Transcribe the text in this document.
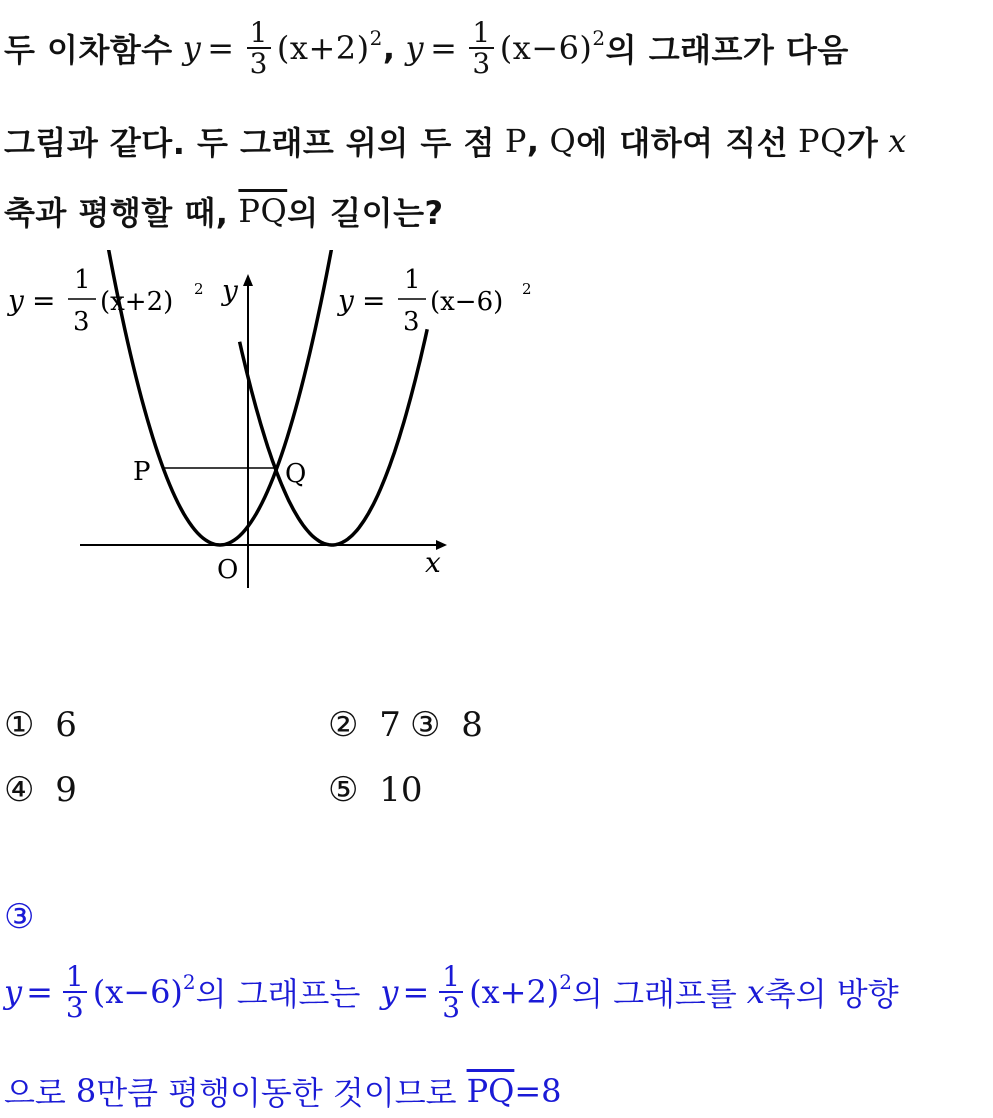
두 이차함수 $y = \frac{1}{3} (x+2)^2$ , $y = \frac{1}{3} (x-6)^2$ 의 그래프가 다음
그림과 같다. 두 그래프 위의 두 점 P , Q 에 대하여 직선 PQ 가 x
축과 평행할 때, $\overline{PQ}$ 의 길이는?
P	Q
O	x
y
y =
1
3
(x+2) 2	y =
1
3
(x−6) 2
① 6	② 7 ③ 8
④ 9	⑤ 10
③
$y = \frac{1}{3} (x-6)^2$ 의 그래프는 $y = \frac{1}{3} (x+2)^2$ 의 그래프를 x 축의 방향
으로 8 만큼 평행이동한 것이므로 $\overline{PQ} =8$
